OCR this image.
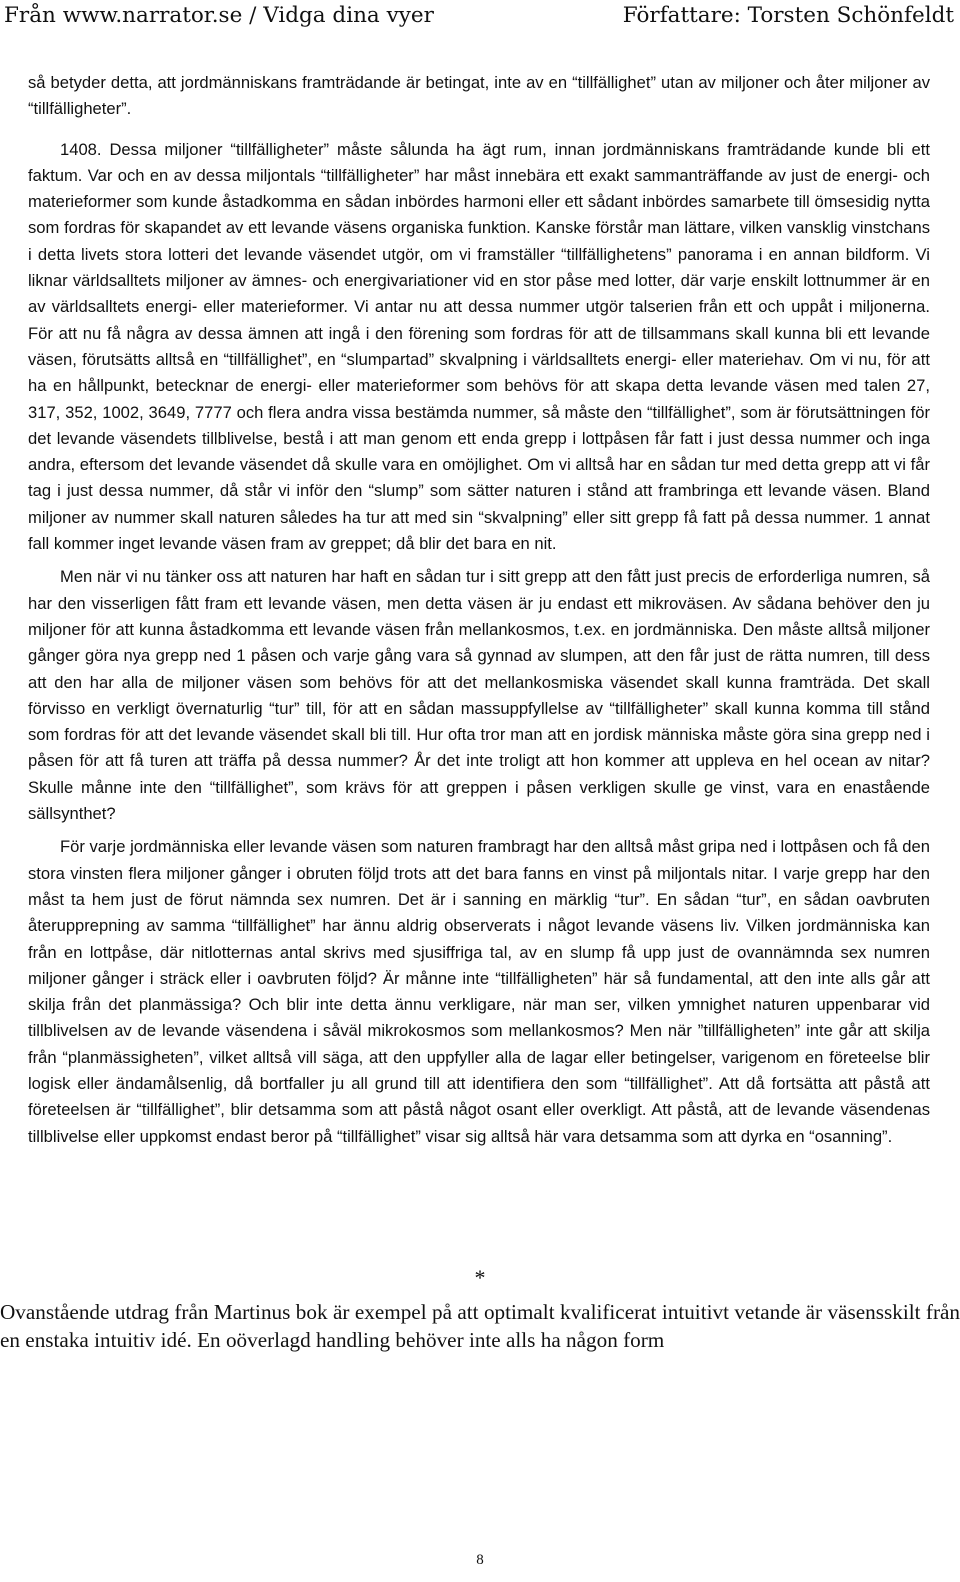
Från www.narrator.se / Vidga dina vyer	Författare: Torsten Schönfeldt

så betyder detta, att jordmänniskans framträdande är betingat, inte av en “tillfällighet” utan av miljoner och åter miljoner av “tillfälligheter”.

1408. Dessa miljoner “tillfälligheter” måste sålunda ha ägt rum, innan jordmänniskans framträdande kunde bli ett faktum. Var och en av dessa miljontals “tillfälligheter” har måst innebära ett exakt sammanträffande av just de energi- och materieformer som kunde åstadkomma en sådan inbördes harmoni eller ett sådant inbördes samarbete till ömsesidig nytta som fordras för skapandet av ett levande väsens organiska funktion. Kanske förstår man lättare, vilken vansklig vinstchans i detta livets stora lotteri det levande väsendet utgör, om vi framställer “tillfällighetens” panorama i en annan bildform. Vi liknar världsalltets miljoner av ämnes- och energivariationer vid en stor påse med lotter, där varje enskilt lottnummer är en av världsalltets energi- eller materieformer. Vi antar nu att dessa nummer utgör talserien från ett och uppåt i miljonerna. För att nu få några av dessa ämnen att ingå i den förening som fordras för att de tillsammans skall kunna bli ett levande väsen, förutsätts alltså en “tillfällighet”, en “slumpartad” skvalpning i världsalltets energi- eller materiehav. Om vi nu, för att ha en hållpunkt, betecknar de energi- eller materieformer som behövs för att skapa detta levande väsen med talen 27, 317, 352, 1002, 3649, 7777 och flera andra vissa bestämda nummer, så måste den “tillfällighet”, som är förutsättningen för det levande väsendets tillblivelse, bestå i att man genom ett enda grepp i lottpåsen får fatt i just dessa nummer och inga andra, eftersom det levande väsendet då skulle vara en omöjlighet. Om vi alltså har en sådan tur med detta grepp att vi får tag i just dessa nummer, då står vi inför den “slump” som sätter naturen i stånd att frambringa ett levande väsen. Bland miljoner av nummer skall naturen således ha tur att med sin “skvalpning” eller sitt grepp få fatt på dessa nummer. 1 annat fall kommer inget levande väsen fram av greppet; då blir det bara en nit.

Men när vi nu tänker oss att naturen har haft en sådan tur i sitt grepp att den fått just precis de erforderliga numren, så har den visserligen fått fram ett levande väsen, men detta väsen är ju endast ett mikroväsen. Av sådana behöver den ju miljoner för att kunna åstadkomma ett levande väsen från mellankosmos, t.ex. en jordmänniska. Den måste alltså miljoner gånger göra nya grepp ned 1 påsen och varje gång vara så gynnad av slumpen, att den får just de rätta numren, till dess att den har alla de miljoner väsen som behövs för att det mellankosmiska väsendet skall kunna framträda. Det skall förvisso en verkligt övernaturlig “tur” till, för att en sådan massuppfyllelse av “tillfälligheter” skall kunna komma till stånd som fordras för att det levande väsendet skall bli till. Hur ofta tror man att en jordisk människa måste göra sina grepp ned i påsen för att få turen att träffa på dessa nummer? År det inte troligt att hon kommer att uppleva en hel ocean av nitar? Skulle månne inte den “tillfällighet”, som krävs för att greppen i påsen verkligen skulle ge vinst, vara en enastående sällsynthet?

För varje jordmänniska eller levande väsen som naturen frambragt har den alltså måst gripa ned i lottpåsen och få den stora vinsten flera miljoner gånger i obruten följd trots att det bara fanns en vinst på miljontals nitar. I varje grepp har den måst ta hem just de förut nämnda sex numren. Det är i sanning en märklig “tur”. En sådan “tur”, en sådan oavbruten återupprepning av samma “tillfällighet” har ännu aldrig observerats i något levande väsens liv. Vilken jordmänniska kan från en lottpåse, där nitlotternas antal skrivs med sjusiffriga tal, av en slump få upp just de ovannämnda sex numren miljoner gånger i sträck eller i oavbruten följd? Är månne inte “tillfälligheten” här så fundamental, att den inte alls går att skilja från det planmässiga? Och blir inte detta ännu verkligare, när man ser, vilken ymnighet naturen uppenbarar vid tillblivelsen av de levande väsendena i såväl mikrokosmos som mellankosmos? Men när ”tillfälligheten” inte går att skilja från “planmässigheten”, vilket alltså vill säga, att den uppfyller alla de lagar eller betingelser, varigenom en företeelse blir logisk eller ändamålsenlig, då bortfaller ju all grund till att identifiera den som “tillfällighet”. Att då fortsätta att påstå att företeelsen är “tillfällighet”, blir detsamma som att påstå något osant eller overkligt. Att påstå, att de levande väsendenas tillblivelse eller uppkomst endast beror på “tillfällighet” visar sig alltså här vara detsamma som att dyrka en “osanning”.

*

Ovanstående utdrag från Martinus bok är exempel på att optimalt kvalificerat intuitivt vetande är väsensskilt från en enstaka intuitiv idé. En oöverlagd handling behöver inte alls ha någon form

8
